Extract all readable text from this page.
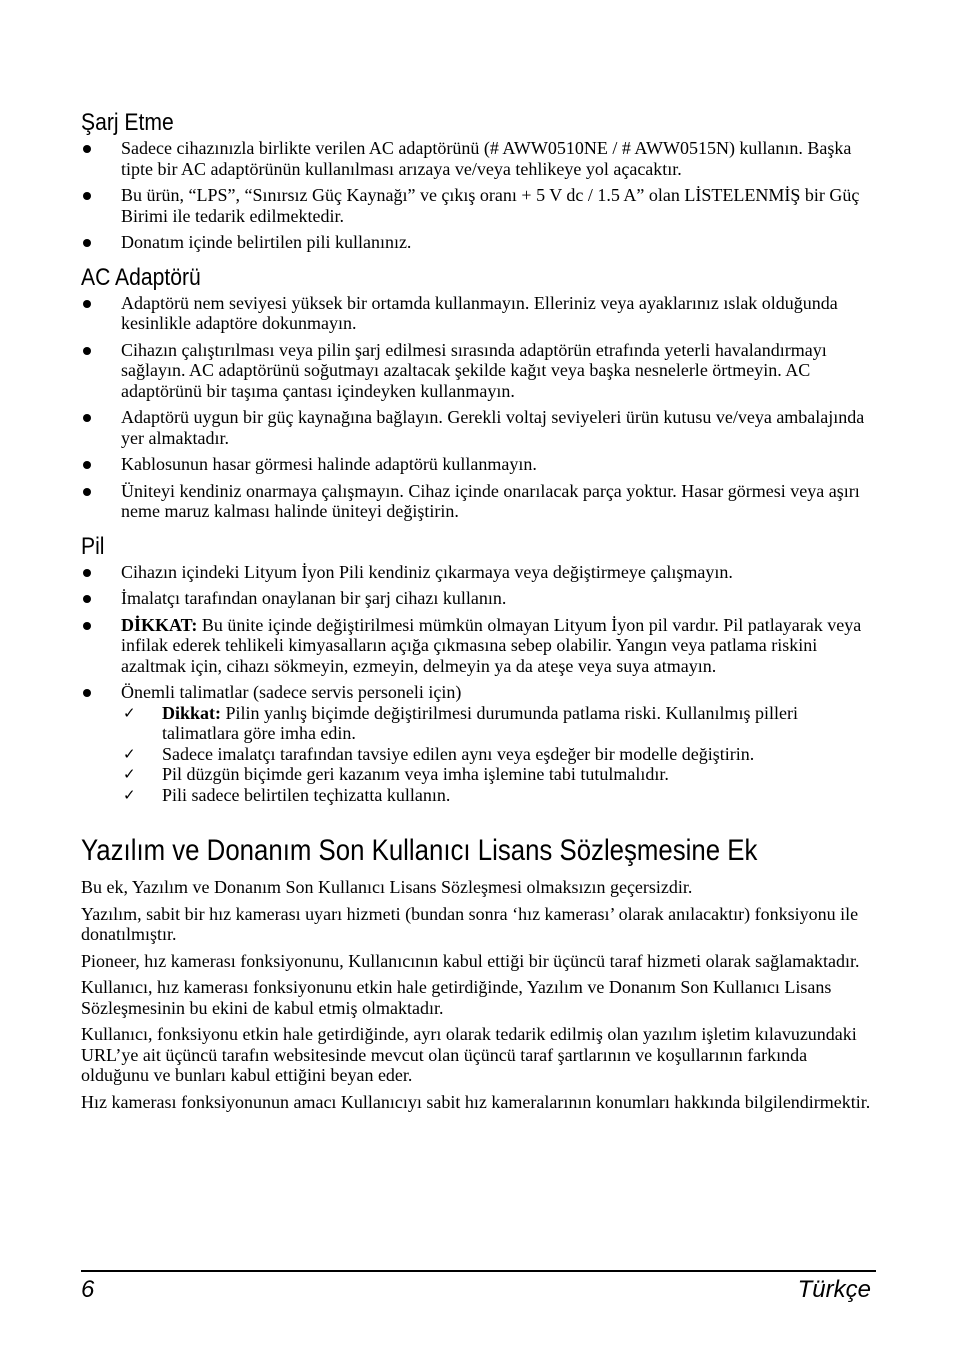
Şarj Etme
Sadece cihazınızla birlikte verilen AC adaptörünü (# AWW0510NE / # AWW0515N) kullanın. Başka tipte bir AC adaptörünün kullanılması arızaya ve/veya tehlikeye yol açacaktır.
Bu ürün, “LPS”, “Sınırsız Güç Kaynağı” ve çıkış oranı + 5 V dc / 1.5 A” olan LİSTELENMİŞ bir Güç Birimi ile tedarik edilmektedir.
Donatım içinde belirtilen pili kullanınız.
AC Adaptörü
Adaptörü nem seviyesi yüksek bir ortamda kullanmayın. Elleriniz veya ayaklarınız ıslak olduğunda kesinlikle adaptöre dokunmayın.
Cihazın çalıştırılması veya pilin şarj edilmesi sırasında adaptörün etrafında yeterli havalandırmayı sağlayın. AC adaptörünü soğutmayı azaltacak şekilde kağıt veya başka nesnelerle örtmeyin. AC adaptörünü bir taşıma çantası içindeyken kullanmayın.
Adaptörü uygun bir güç kaynağına bağlayın. Gerekli voltaj seviyeleri ürün kutusu ve/veya ambalajında yer almaktadır.
Kablosunun hasar görmesi halinde adaptörü kullanmayın.
Üniteyi kendiniz onarmaya çalışmayın. Cihaz içinde onarılacak parça yoktur. Hasar görmesi veya aşırı neme maruz kalması halinde üniteyi değiştirin.
Pil
Cihazın içindeki Lityum İyon Pili kendiniz çıkarmaya veya değiştirmeye çalışmayın.
İmalatçı tarafından onaylanan bir şarj cihazı kullanın.
DİKKAT: Bu ünite içinde değiştirilmesi mümkün olmayan Lityum İyon pil vardır. Pil patlayarak veya infilak ederek tehlikeli kimyasalların açığa çıkmasına sebep olabilir. Yangın veya patlama riskini azaltmak için, cihazı sökmeyin, ezmeyin, delmeyin ya da ateşe veya suya atmayın.
Önemli talimatlar (sadece servis personeli için)
✓ Dikkat: Pilin yanlış biçimde değiştirilmesi durumunda patlama riski. Kullanılmış pilleri talimatlara göre imha edin.
✓ Sadece imalatçı tarafından tavsiye edilen aynı veya eşdeğer bir modelle değiştirin.
✓ Pil düzgün biçimde geri kazanım veya imha işlemine tabi tutulmalıdır.
✓ Pili sadece belirtilen teçhizatta kullanın.
Yazılım ve Donanım Son Kullanıcı Lisans Sözleşmesine Ek

Bu ek, Yazılım ve Donanım Son Kullanıcı Lisans Sözleşmesi olmaksızın geçersizdir.

Yazılım, sabit bir hız kamerası uyarı hizmeti (bundan sonra ‘hız kamerası’ olarak anılacaktır) fonksiyonu ile donatılmıştır.

Pioneer, hız kamerası fonksiyonunu, Kullanıcının kabul ettiği bir üçüncü taraf hizmeti olarak sağlamaktadır.

Kullanıcı, hız kamerası fonksiyonunu etkin hale getirdiğinde, Yazılım ve Donanım Son Kullanıcı Lisans Sözleşmesinin bu ekini de kabul etmiş olmaktadır.

Kullanıcı, fonksiyonu etkin hale getirdiğinde, ayrı olarak tedarik edilmiş olan yazılım işletim kılavuzundaki URL’ye ait üçüncü tarafın websitesinde mevcut olan üçüncü taraf şartlarının ve koşullarının farkında olduğunu ve bunları kabul ettiğini beyan eder.

Hız kamerası fonksiyonunun amacı Kullanıcıyı sabit hız kameralarının konumları hakkında bilgilendirmektir.

6	Türkçe
